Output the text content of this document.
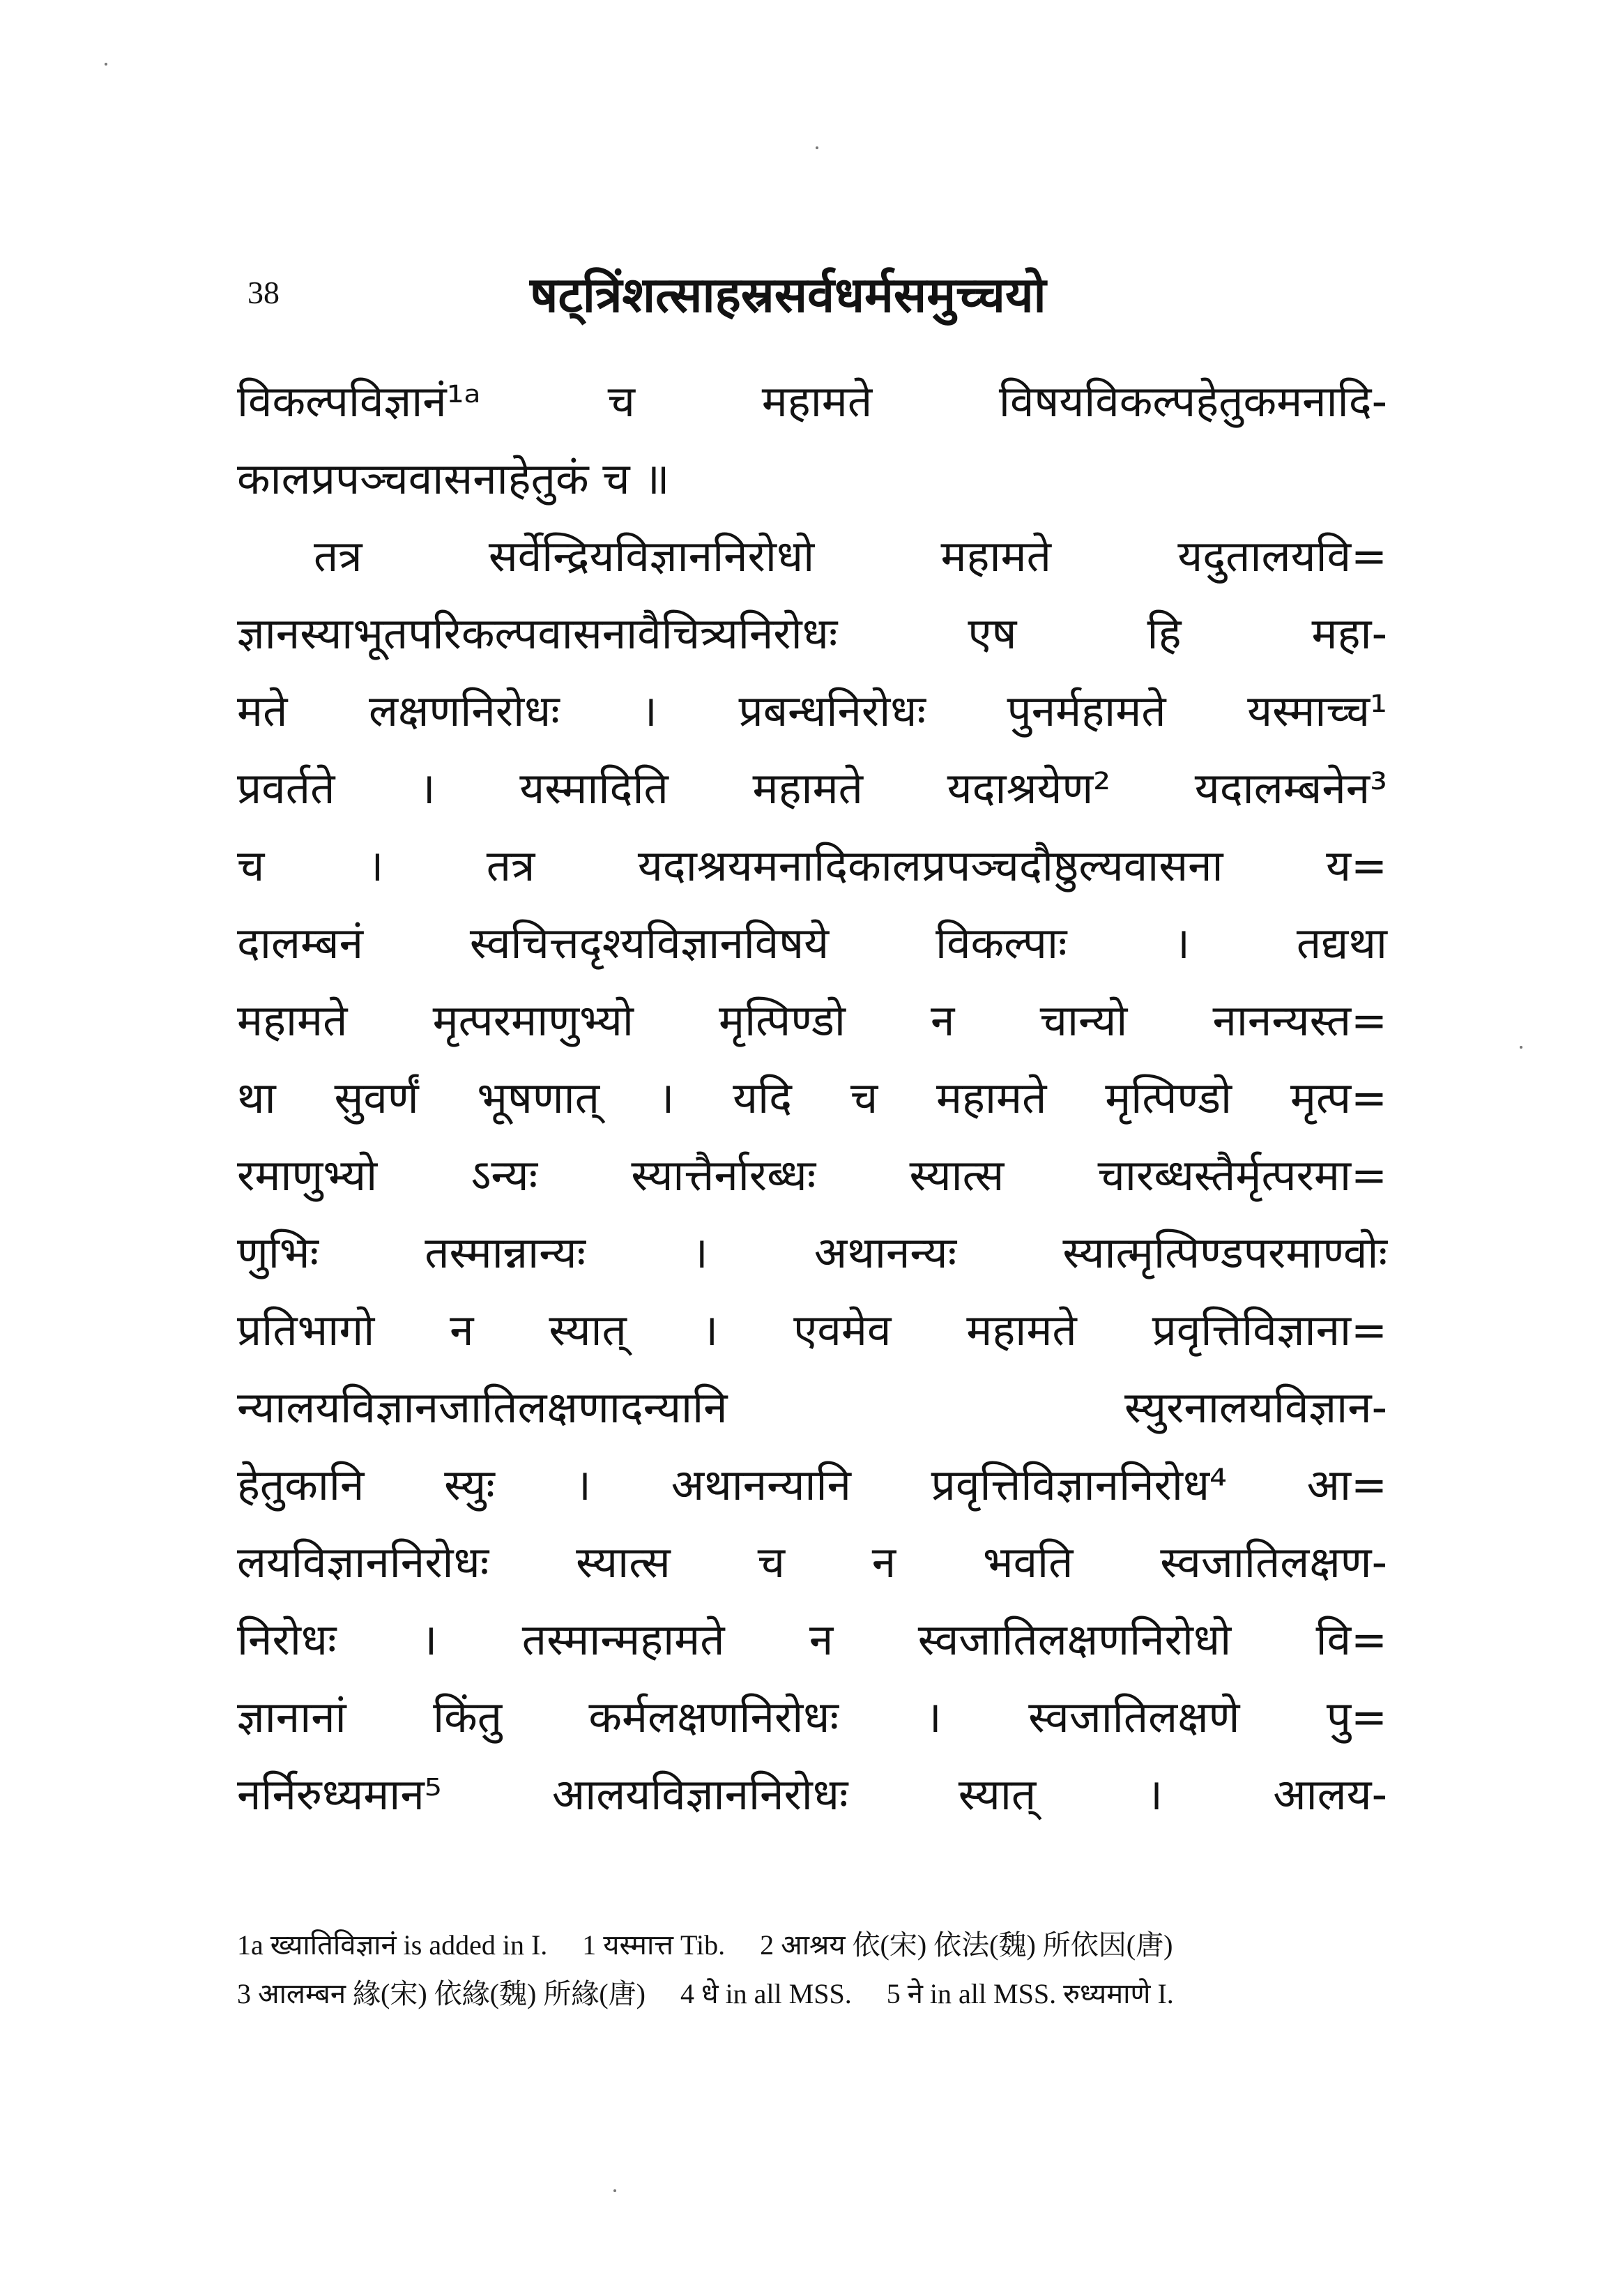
38	षट्त्रिंशत्साहस्रसर्वधर्मसमुच्चयो
विकल्पविज्ञानं¹ᵃ च महामते विषयविकल्पहेतुकमनादि-
कालप्रपञ्चवासनाहेतुकं च ॥
तत्र सर्वेन्द्रियविज्ञाननिरोधो महामते यदुतालयवि=
ज्ञानस्याभूतपरिकल्पवासनावैचित्र्यनिरोधः एष हि महा-
मते लक्षणनिरोधः । प्रबन्धनिरोधः पुनर्महामते यस्माच्च¹
प्रवर्तते । यस्मादिति महामते यदाश्रयेण² यदालम्बनेन³
च । तत्र यदाश्रयमनादिकालप्रपञ्चदौष्ठुल्यवासना य=
दालम्बनं स्वचित्तदृश्यविज्ञानविषये विकल्पाः । तद्यथा
महामते मृत्परमाणुभ्यो मृत्पिण्डो न चान्यो नानन्यस्त=
था सुवर्णं भूषणात् । यदि च महामते मृत्पिण्डो मृत्प=
रमाणुभ्यो ऽन्यः स्यात्तैर्नारब्धः स्यात्स चारब्धस्तैर्मृत्परमा=
णुभिः तस्मान्नान्यः । अथानन्यः स्यात्मृत्पिण्डपरमाण्वोः
प्रतिभागो न स्यात् । एवमेव महामते प्रवृत्तिविज्ञाना=
न्यालयविज्ञानजातिलक्षणादन्यानि स्युरनालयविज्ञान-
हेतुकानि स्युः । अथानन्यानि प्रवृत्तिविज्ञाननिरोध⁴ आ=
लयविज्ञाननिरोधः स्यात्स च न भवति स्वजातिलक्षण-
निरोधः । तस्मान्महामते न स्वजातिलक्षणनिरोधो वि=
ज्ञानानां किंतु कर्मलक्षणनिरोधः । स्वजातिलक्षणे पु=
नर्निरुध्यमान⁵ आलयविज्ञाननिरोधः स्यात् । आलय-
1a ख्यातिविज्ञानं is added in I. 1 यस्मात्त Tib. 2 आश्रय 依(宋) 依法(魏) 所依因(唐)
3 आलम्बन 緣(宋) 依緣(魏) 所緣(唐) 4 धे in all MSS. 5 ने in all MSS. रुध्यमाणे I.
